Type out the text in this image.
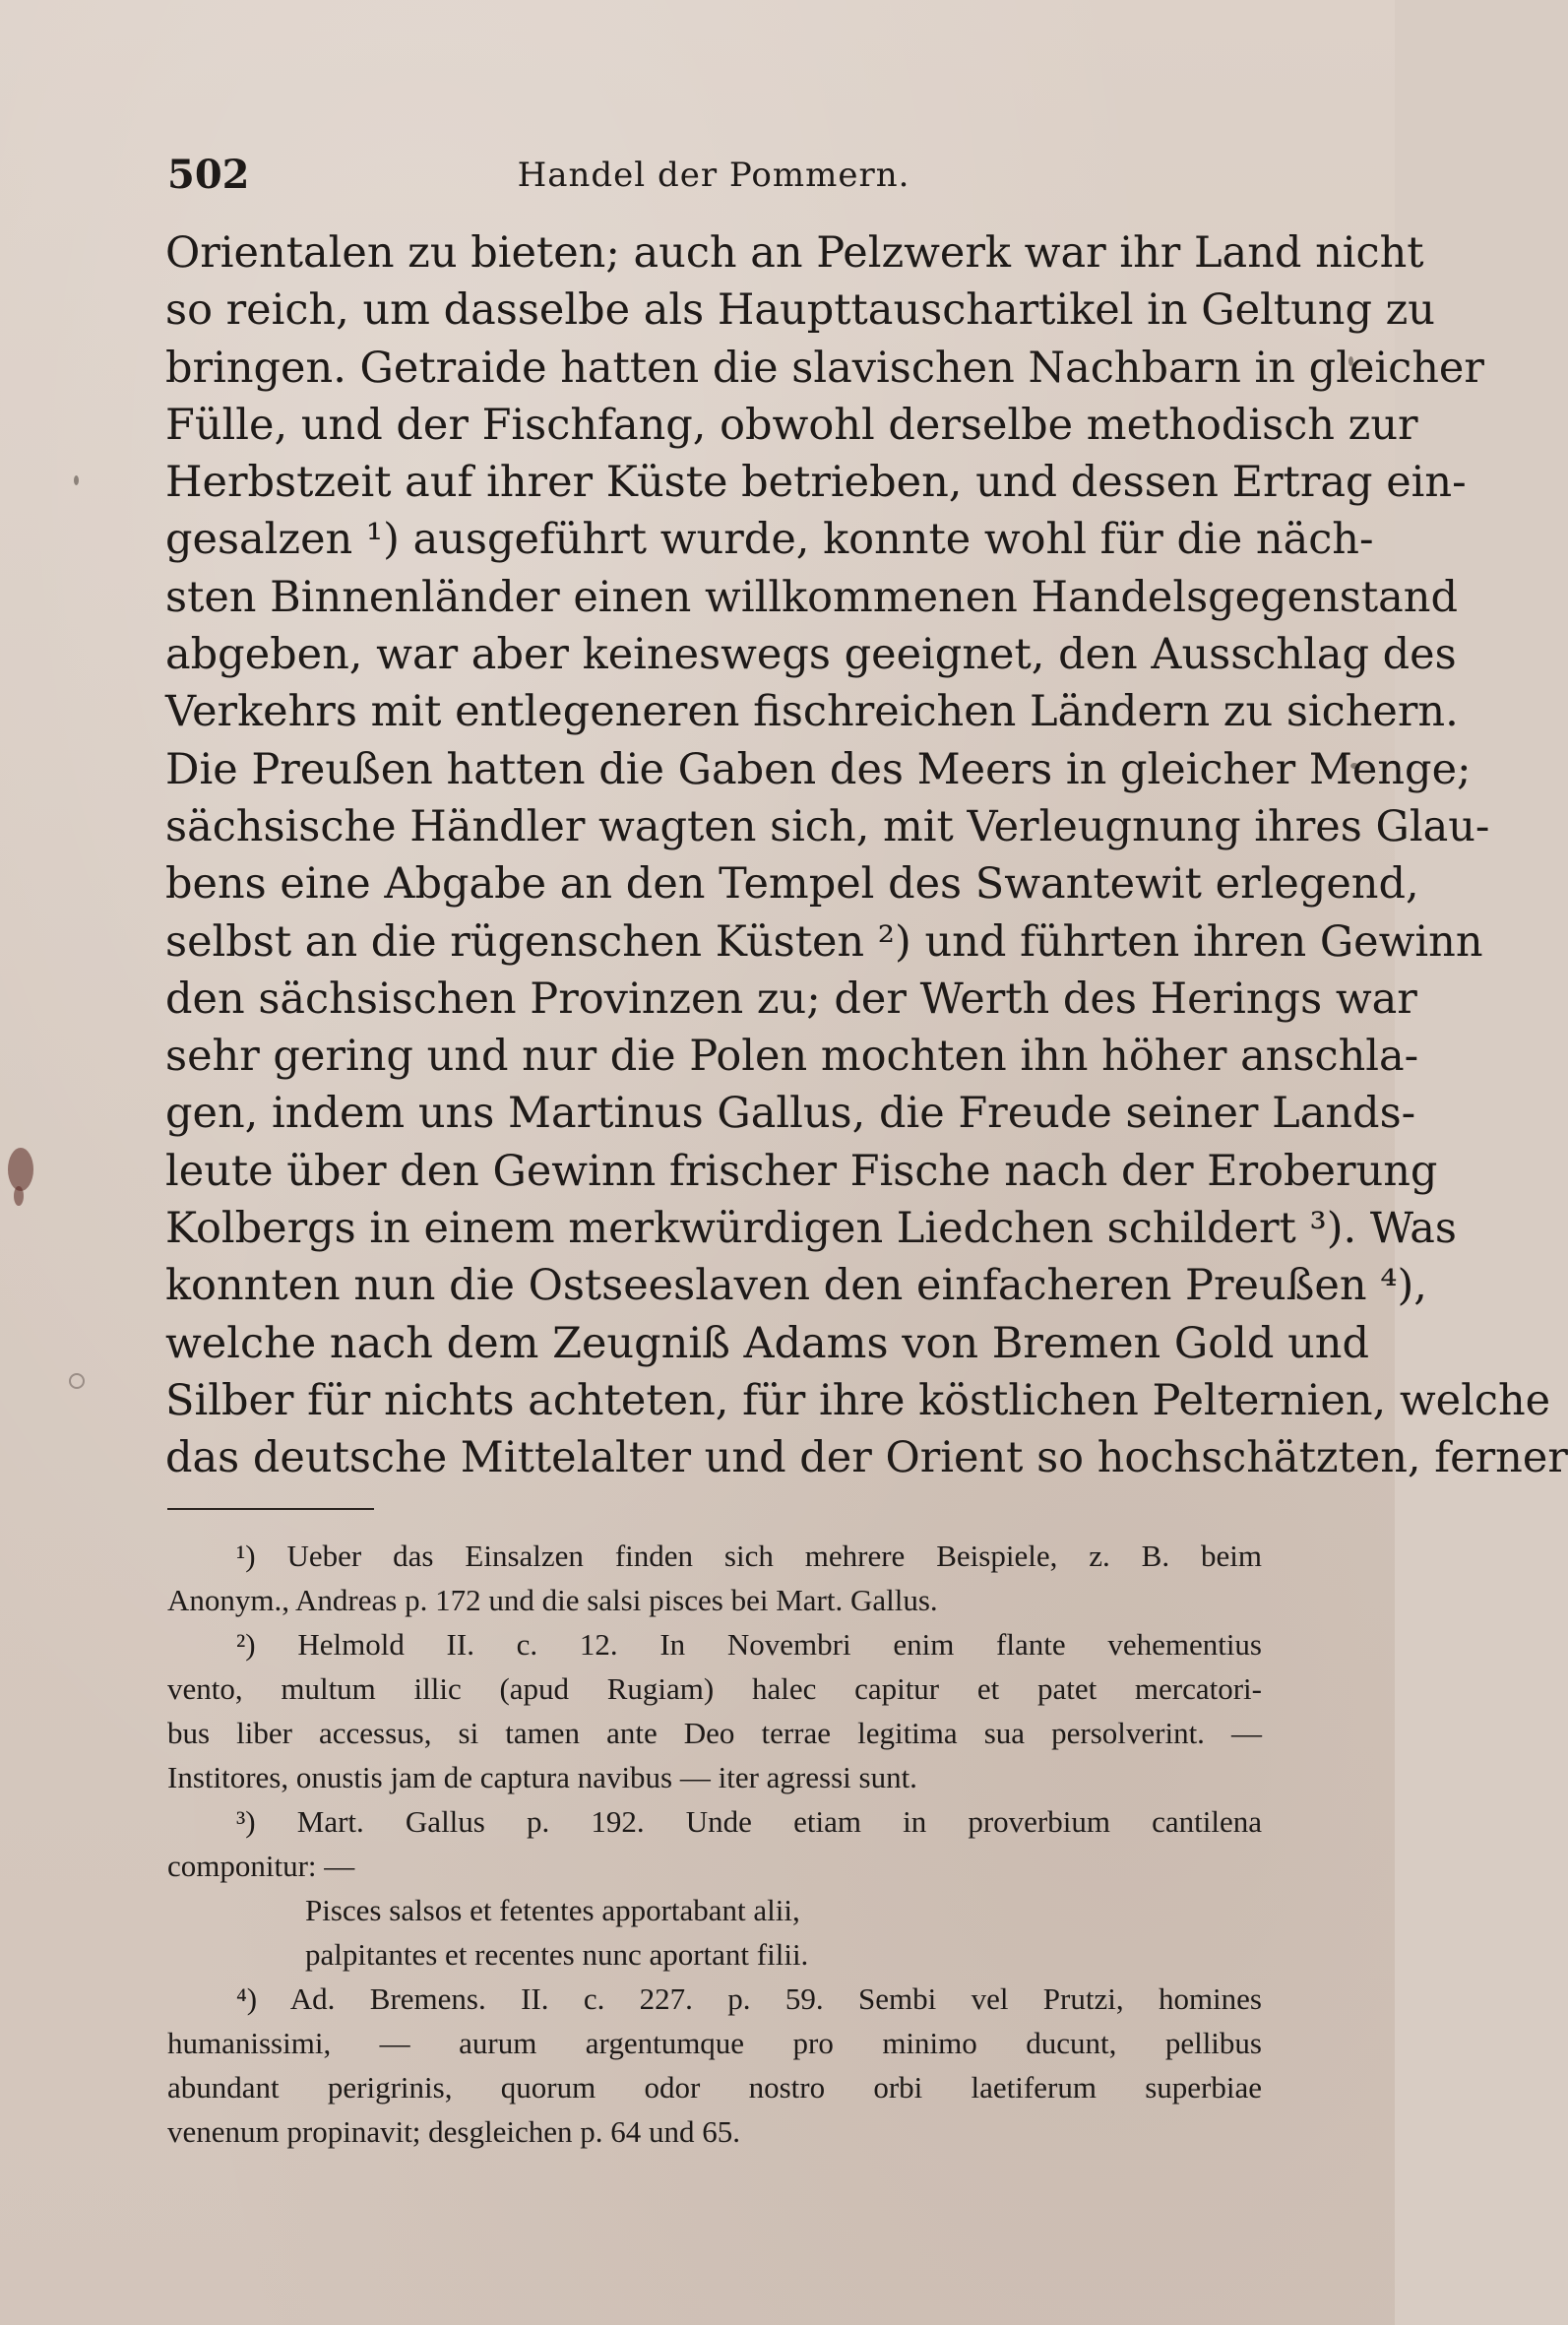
502	Handel der Pommern.
Orientalen zu bieten; auch an Pelzwerk war ihr Land nicht
so reich, um dasselbe als Haupttauschartikel in Geltung zu
bringen. Getraide hatten die slavischen Nachbarn in gleicher
Fülle, und der Fischfang, obwohl derselbe methodisch zur
Herbstzeit auf ihrer Küste betrieben, und dessen Ertrag ein-
gesalzen ¹) ausgeführt wurde, konnte wohl für die näch-
sten Binnenländer einen willkommenen Handelsgegenstand
abgeben, war aber keineswegs geeignet, den Ausschlag des
Verkehrs mit entlegeneren fischreichen Ländern zu sichern.
Die Preußen hatten die Gaben des Meers in gleicher Menge;
sächsische Händler wagten sich, mit Verleugnung ihres Glau-
bens eine Abgabe an den Tempel des Swantewit erlegend,
selbst an die rügenschen Küsten ²) und führten ihren Gewinn
den sächsischen Provinzen zu; der Werth des Herings war
sehr gering und nur die Polen mochten ihn höher anschla-
gen, indem uns Martinus Gallus, die Freude seiner Lands-
leute über den Gewinn frischer Fische nach der Eroberung
Kolbergs in einem merkwürdigen Liedchen schildert ³). Was
konnten nun die Ostseeslaven den einfacheren Preußen ⁴),
welche nach dem Zeugniß Adams von Bremen Gold und
Silber für nichts achteten, für ihre köstlichen Pelternien, welche
das deutsche Mittelalter und der Orient so hochschätzten, ferner
¹) Ueber das Einsalzen finden sich mehrere Beispiele, z. B. beim
Anonym., Andreas p. 172 und die salsi pisces bei Mart. Gallus.
²) Helmold II. c. 12. In Novembri enim flante vehementius
vento, multum illic (apud Rugiam) halec capitur et patet mercatori-
bus liber accessus, si tamen ante Deo terrae legitima sua persolverint. —
Institores, onustis jam de captura navibus — iter agressi sunt.
³) Mart. Gallus p. 192. Unde etiam in proverbium cantilena
componitur: —
Pisces salsos et fetentes apportabant alii,
palpitantes et recentes nunc aportant filii.
⁴) Ad. Bremens. II. c. 227. p. 59. Sembi vel Prutzi, homines
humanissimi, — aurum argentumque pro minimo ducunt, pellibus
abundant perigrinis, quorum odor nostro orbi laetiferum superbiae
venenum propinavit; desgleichen p. 64 und 65.
